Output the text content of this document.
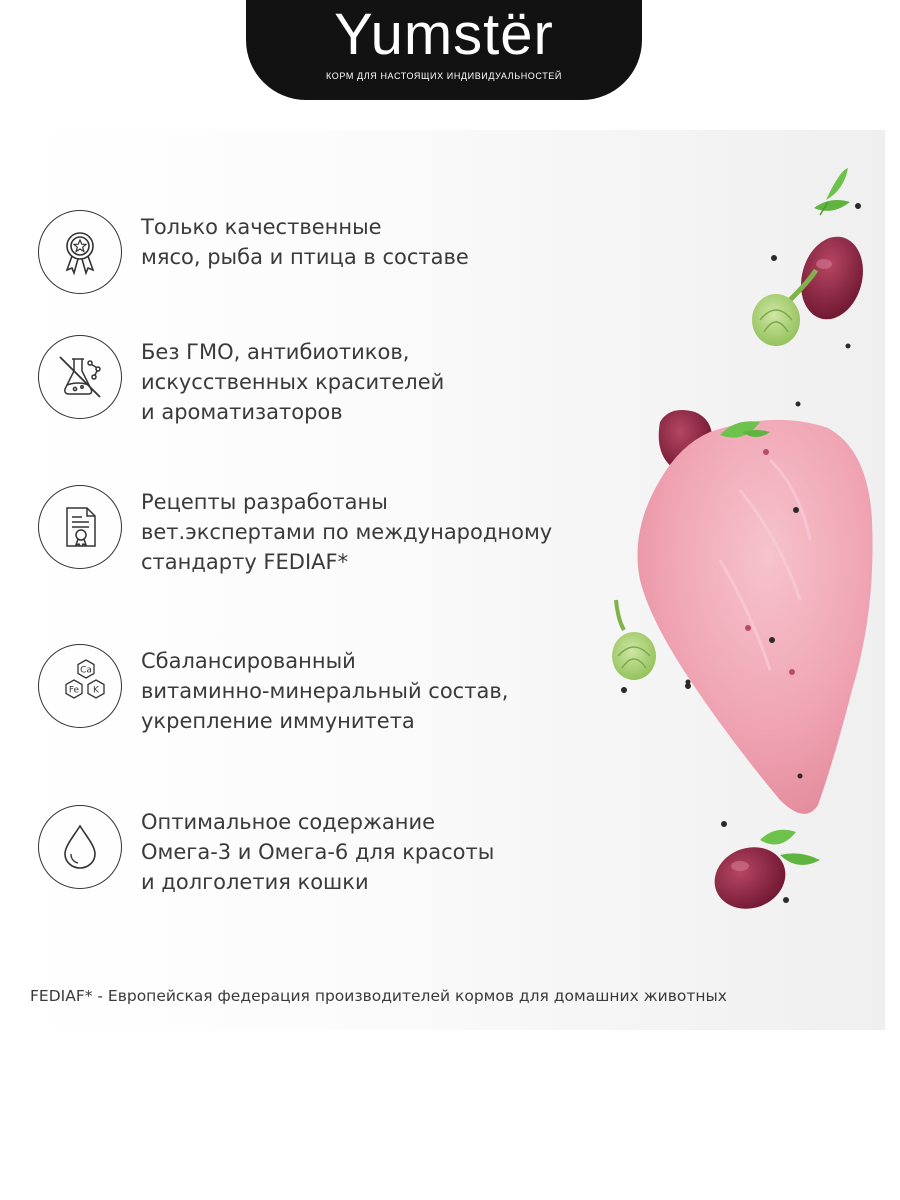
Yumstër
КОРМ ДЛЯ НАСТОЯЩИХ ИНДИВИДУАЛЬНОСТЕЙ
Только качественные
мясо, рыба и птица в составе
Без ГМО, антибиотиков,
искусственных красителей
и ароматизаторов
Рецепты разработаны
вет.экспертами по международному
стандарту FEDIAF*
Ca
Fe K
Сбалансированный
витаминно-минеральный состав,
укрепление иммунитета
Оптимальное содержание
Омега-3 и Омега-6 для красоты
и долголетия кошки
FEDIAF* - Европейская федерация производителей кормов для домашних животных
